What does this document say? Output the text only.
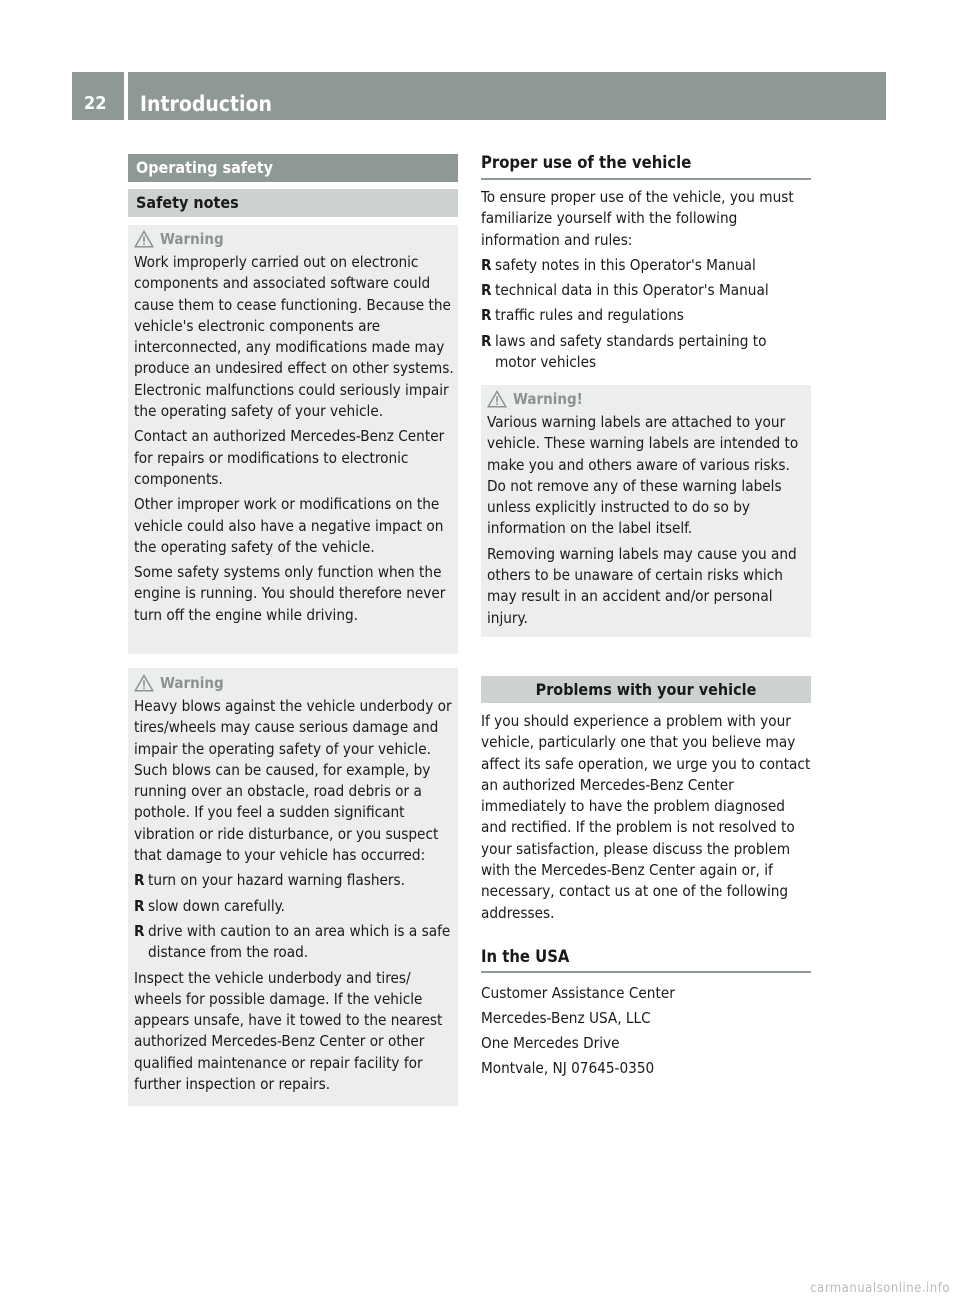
22 Introduction
Operating safety
Safety notes
Warning

Work improperly carried out on electronic components and associated software could cause them to cease functioning. Because the vehicle's electronic components are interconnected, any modifications made may produce an undesired effect on other systems. Electronic malfunctions could seriously impair the operating safety of your vehicle.

Contact an authorized Mercedes-Benz Center for repairs or modifications to electronic components.

Other improper work or modifications on the vehicle could also have a negative impact on the operating safety of the vehicle.

Some safety systems only function when the engine is running. You should therefore never turn off the engine while driving.

Warning

Heavy blows against the vehicle underbody or tires/wheels may cause serious damage and impair the operating safety of your vehicle. Such blows can be caused, for example, by running over an obstacle, road debris or a pothole. If you feel a sudden significant vibration or ride disturbance, or you suspect that damage to your vehicle has occurred:

R turn on your hazard warning flashers.
R slow down carefully.
R drive with caution to an area which is a safe distance from the road.

Inspect the vehicle underbody and tires/ wheels for possible damage. If the vehicle appears unsafe, have it towed to the nearest authorized Mercedes-Benz Center or other qualified maintenance or repair facility for further inspection or repairs.

Proper use of the vehicle

To ensure proper use of the vehicle, you must familiarize yourself with the following information and rules:

R safety notes in this Operator's Manual
R technical data in this Operator's Manual
R traffic rules and regulations
R laws and safety standards pertaining to motor vehicles
Warning!

Various warning labels are attached to your vehicle. These warning labels are intended to make you and others aware of various risks. Do not remove any of these warning labels unless explicitly instructed to do so by information on the label itself.

Removing warning labels may cause you and others to be unaware of certain risks which may result in an accident and/or personal injury.

Problems with your vehicle

If you should experience a problem with your vehicle, particularly one that you believe may affect its safe operation, we urge you to contact an authorized Mercedes-Benz Center immediately to have the problem diagnosed and rectified. If the problem is not resolved to your satisfaction, please discuss the problem with the Mercedes-Benz Center again or, if necessary, contact us at one of the following addresses.

In the USA
Customer Assistance Center
Mercedes-Benz USA, LLC
One Mercedes Drive
Montvale, NJ 07645-0350
carmanualsonline.info
